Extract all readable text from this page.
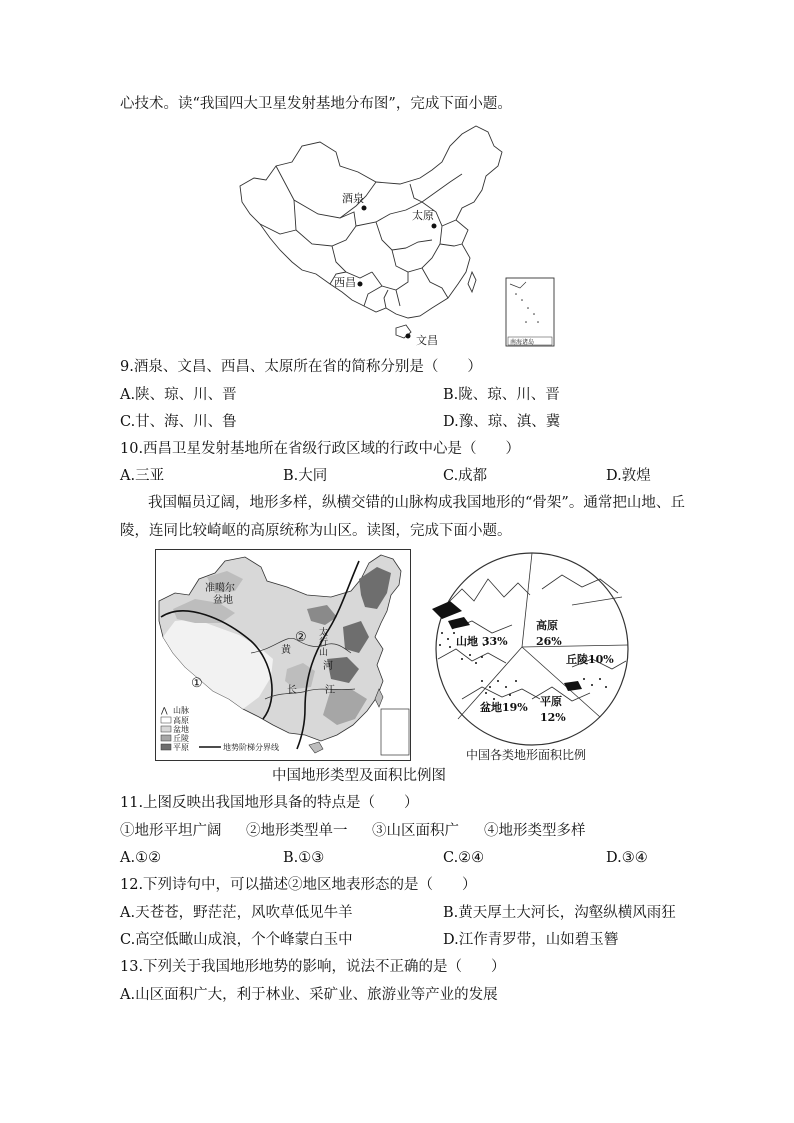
心技术。读“我国四大卫星发射基地分布图”，完成下面小题。
酒泉
太原
西昌
文昌	南海诸岛
9.酒泉、文昌、西昌、太原所在省的简称分别是（　　）
A.陕、琼、川、晋	B.陇、琼、川、晋
C.甘、海、川、鲁	D.豫、琼、滇、冀
10.西昌卫星发射基地所在省级行政区域的行政中心是（　　）
A.三亚	B.大同	C.成都	D.敦煌
我国幅员辽阔，地形多样，纵横交错的山脉构成我国地形的“骨架”。通常把山地、丘
陵，连同比较崎岖的高原统称为山区。读图，完成下面小题。
准噶尔
盆地
② 太
行
山
黄
河
①	长	江
⋀ 山脉
高原
盆地
丘陵
平原	地势阶梯分界线
山地 33%
高原
26%
丘陵10%
盆地19% 平原
12%
中国各类地形面积比例
中国地形类型及面积比例图
11.上图反映出我国地形具备的特点是（　　）
①地形平坦广阔 ②地形类型单一 ③山区面积广 ④地形类型多样
A.①②	B.①③	C.②④	D.③④
12.下列诗句中，可以描述②地区地表形态的是（　　）
A.天苍苍，野茫茫，风吹草低见牛羊	B.黄天厚土大河长，沟壑纵横风雨狂
C.高空低瞰山成浪，个个峰蒙白玉中	D.江作青罗带，山如碧玉簪
13.下列关于我国地形地势的影响，说法不正确的是（　　）
A.山区面积广大，利于林业、采矿业、旅游业等产业的发展
